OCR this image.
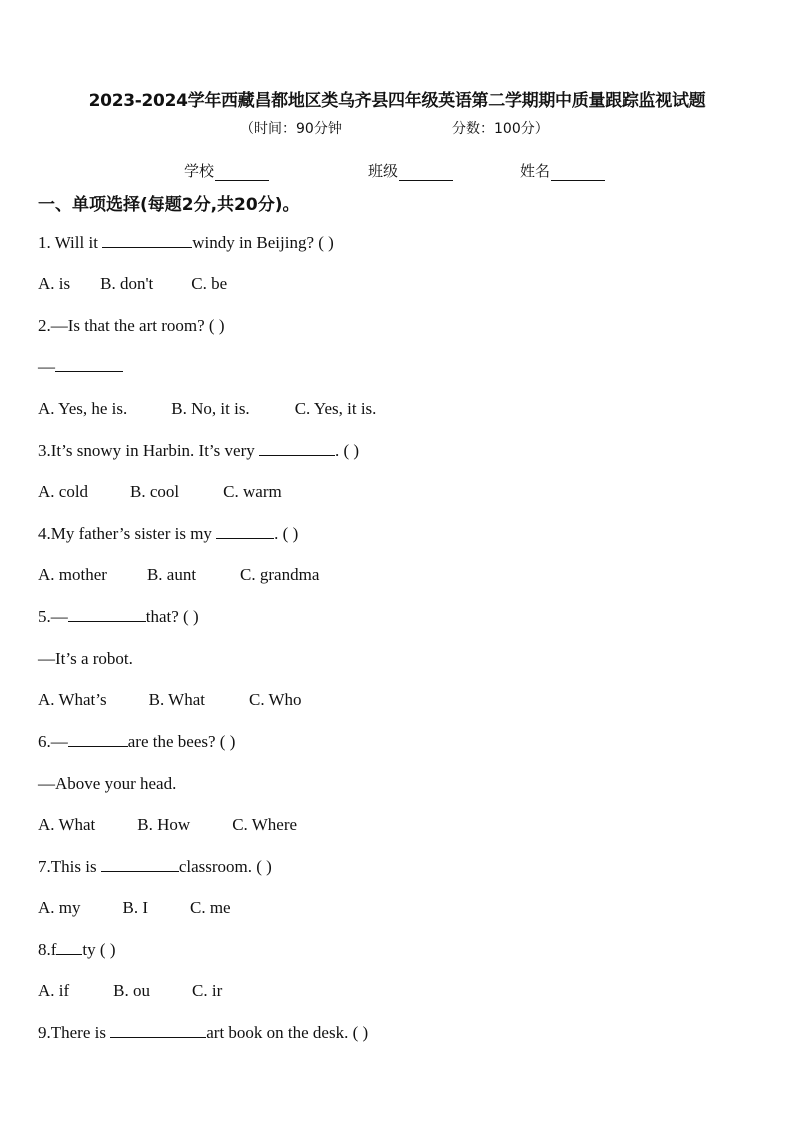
2023-2024学年西藏昌都地区类乌齐县四年级英语第二学期期中质量跟踪监视试题
（时间：90分钟	分数：100分）
学校	班级	姓名
一、单项选择(每题2分,共20分)。
1. Will it
	windy in Beijing?
( )
A. is B. don't C. be
2.—Is that the art room?
( )
—
A. Yes, he is.	B. No, it is.	C. Yes, it is.
3.It’s snowy in Harbin. It’s very
	.
( )
A. cold B. cool	C. warm
4.My father’s sister is my
	.
( )
A. mother B. aunt	C. grandma
5.—	that?
( )
—It’s a robot.
A. What’s B. What	C. Who
6.—	are the bees?
( )
—Above your head.
A. What B. How C. Where
7.This is
	classroom.
( )
A. my B. I C. me
8.f ty
( )
A. if	B. ou C. ir
9.There is
	art book on the desk.
( )
